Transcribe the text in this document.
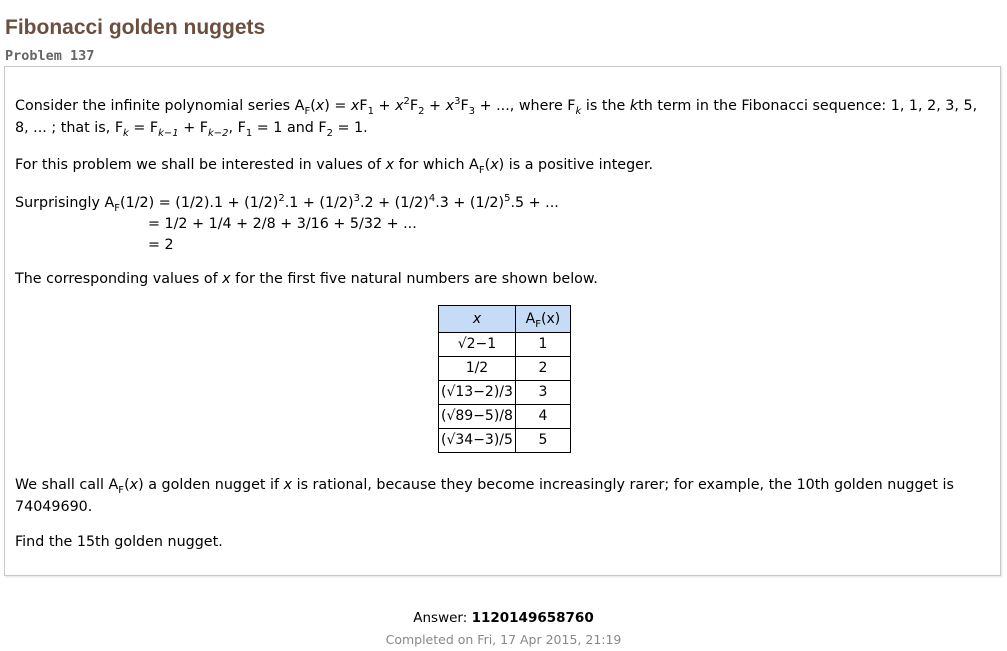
Fibonacci golden nuggets
Problem 137

Consider the infinite polynomial series $A_F(x) = xF_1 + x^2F_2 + x^3F_3$ + ..., where $F_k$ is the kth term in the Fibonacci sequence: 1, 1, 2, 3, 5, 8, ... ; that is, $F_k = F_{k-1} + F_{k-2}$, $F_1 = 1$ and $F_2 = 1$.

For this problem we shall be interested in values of x for which $A_F(x)$ is a positive integer.

Surprisingly $A_F(1/2) = (1/2).1 + (1/2)^2.1 + (1/2)^3.2 + (1/2)^4.3 + (1/2)^5.5$ + ...
= 1/2 + 1/4 + 2/8 + 3/16 + 5/32 + ...
= 2

The corresponding values of x for the first five natural numbers are shown below.

x	$A_F(x)$
√2−1	1
1/2	2
(√13−2)/3	3
(√89−5)/8	4
(√34−3)/5	5

We shall call $A_F(x)$ a golden nugget if x is rational, because they become increasingly rarer; for example, the 10th golden nugget is 74049690.

Find the 15th golden nugget.

Answer: 1120149658760
Completed on Fri, 17 Apr 2015, 21:19
